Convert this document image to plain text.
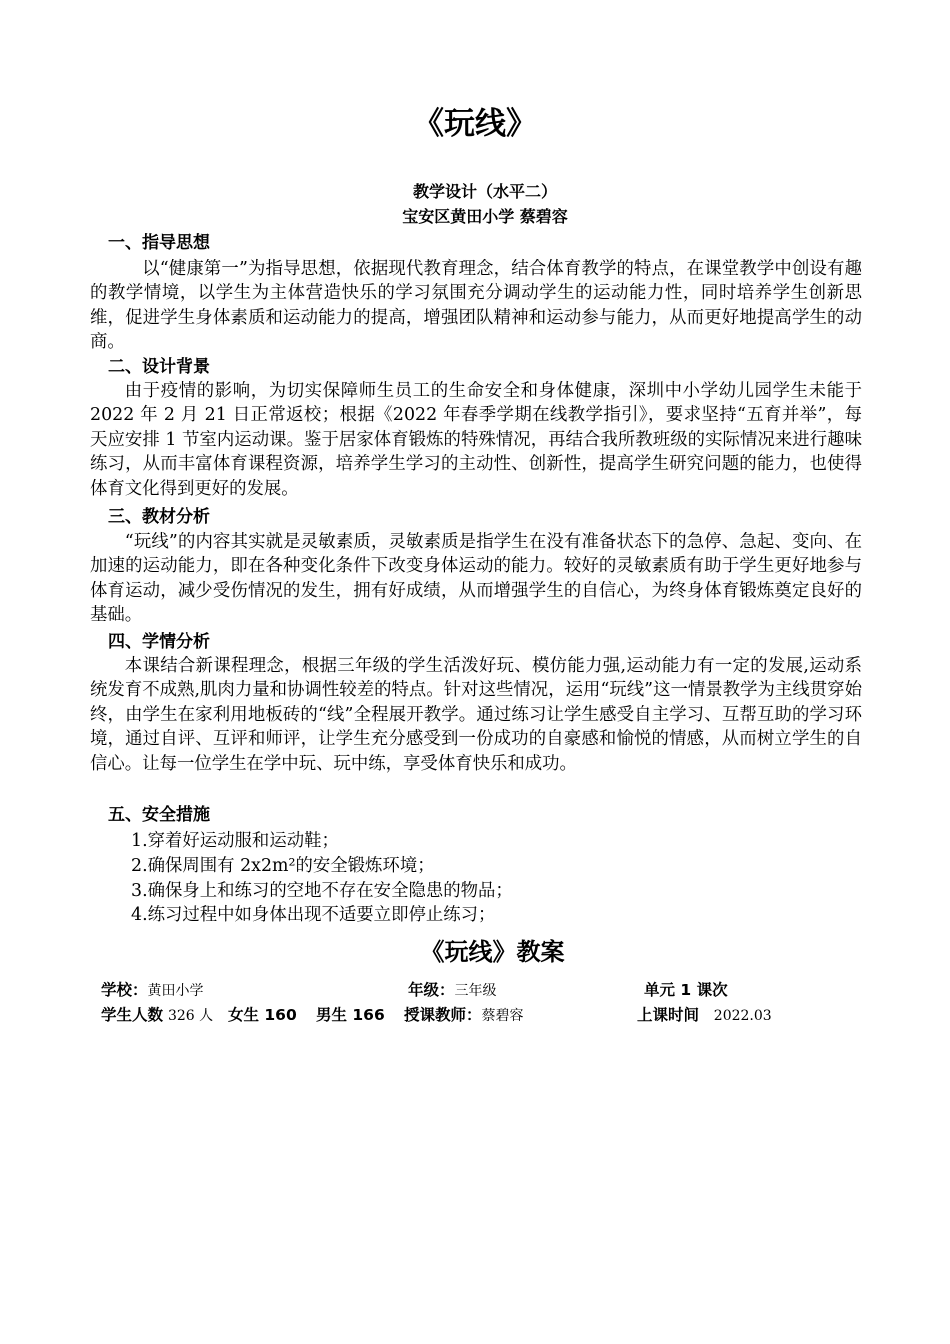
《玩线》
教学设计（水平二）
宝安区黄田小学 蔡碧容
一、指导思想

以“健康第一”为指导思想，依据现代教育理念，结合体育教学的特点，在课堂教学中创设有趣的教学情境，以学生为主体营造快乐的学习氛围充分调动学生的运动能力性，同时培养学生创新思维，促进学生身体素质和运动能力的提高，增强团队精神和运动参与能力，从而更好地提高学生的动商。

二、设计背景

由于疫情的影响，为切实保障师生员工的生命安全和身体健康，深圳中小学幼儿园学生未能于 2022 年 2 月 21 日正常返校；根据《2022 年春季学期在线教学指引》，要求坚持“五育并举”，每天应安排 1 节室内运动课。鉴于居家体育锻炼的特殊情况，再结合我所教班级的实际情况来进行趣味练习，从而丰富体育课程资源，培养学生学习的主动性、创新性，提高学生研究问题的能力，也使得体育文化得到更好的发展。

三、教材分析

“玩线”的内容其实就是灵敏素质，灵敏素质是指学生在没有准备状态下的急停、急起、变向、在加速的运动能力，即在各种变化条件下改变身体运动的能力。较好的灵敏素质有助于学生更好地参与体育运动，减少受伤情况的发生，拥有好成绩，从而增强学生的自信心，为终身体育锻炼奠定良好的基础。

四、学情分析

本课结合新课程理念，根据三年级的学生活泼好玩、模仿能力强,运动能力有一定的发展,运动系统发育不成熟,肌肉力量和协调性较差的特点。针对这些情况，运用“玩线”这一情景教学为主线贯穿始终，由学生在家利用地板砖的“线”全程展开教学。通过练习让学生感受自主学习、互帮互助的学习环境，通过自评、互评和师评，让学生充分感受到一份成功的自豪感和愉悦的情感，从而树立学生的自信心。让每一位学生在学中玩、玩中练，享受体育快乐和成功。

五、安全措施
1.穿着好运动服和运动鞋；
2.确保周围有 2x2m²的安全锻炼环境；
3.确保身上和练习的空地不存在安全隐患的物品；
4.练习过程中如身体出现不适要立即停止练习；
《玩线》教案
学校：黄田小学	年级：三年级	单元 1 课次
学生人数 326 人 女生 160 男生 166 授课教师：蔡碧容	上课时间 2022.03
